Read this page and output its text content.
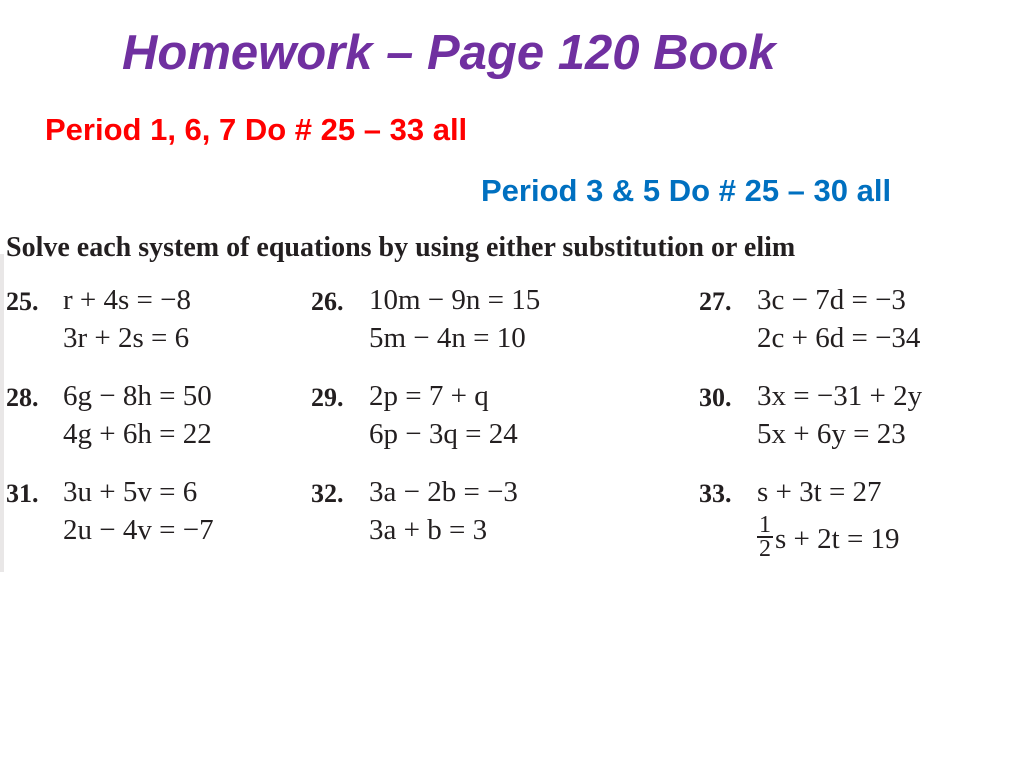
Homework – Page 120 Book
Period 1, 6, 7 Do # 25 – 33 all
Period 3 & 5 Do # 25 – 30 all
Solve each system of equations by using either substitution or elim
25. r + 4s = −8
3r + 2s = 6
26. 10m − 9n = 15
5m − 4n = 10
27. 3c − 7d = −3
2c + 6d = −34
28. 6g − 8h = 50
4g + 6h = 22
29. 2p = 7 + q
6p − 3q = 24
30. 3x = −31 + 2y
5x + 6y = 23
31. 3u + 5v = 6
2u − 4v = −7
32. 3a − 2b = −3
3a + b = 3
33. s + 3t = 27
$\frac{1}{2}$ s + 2t = 19
